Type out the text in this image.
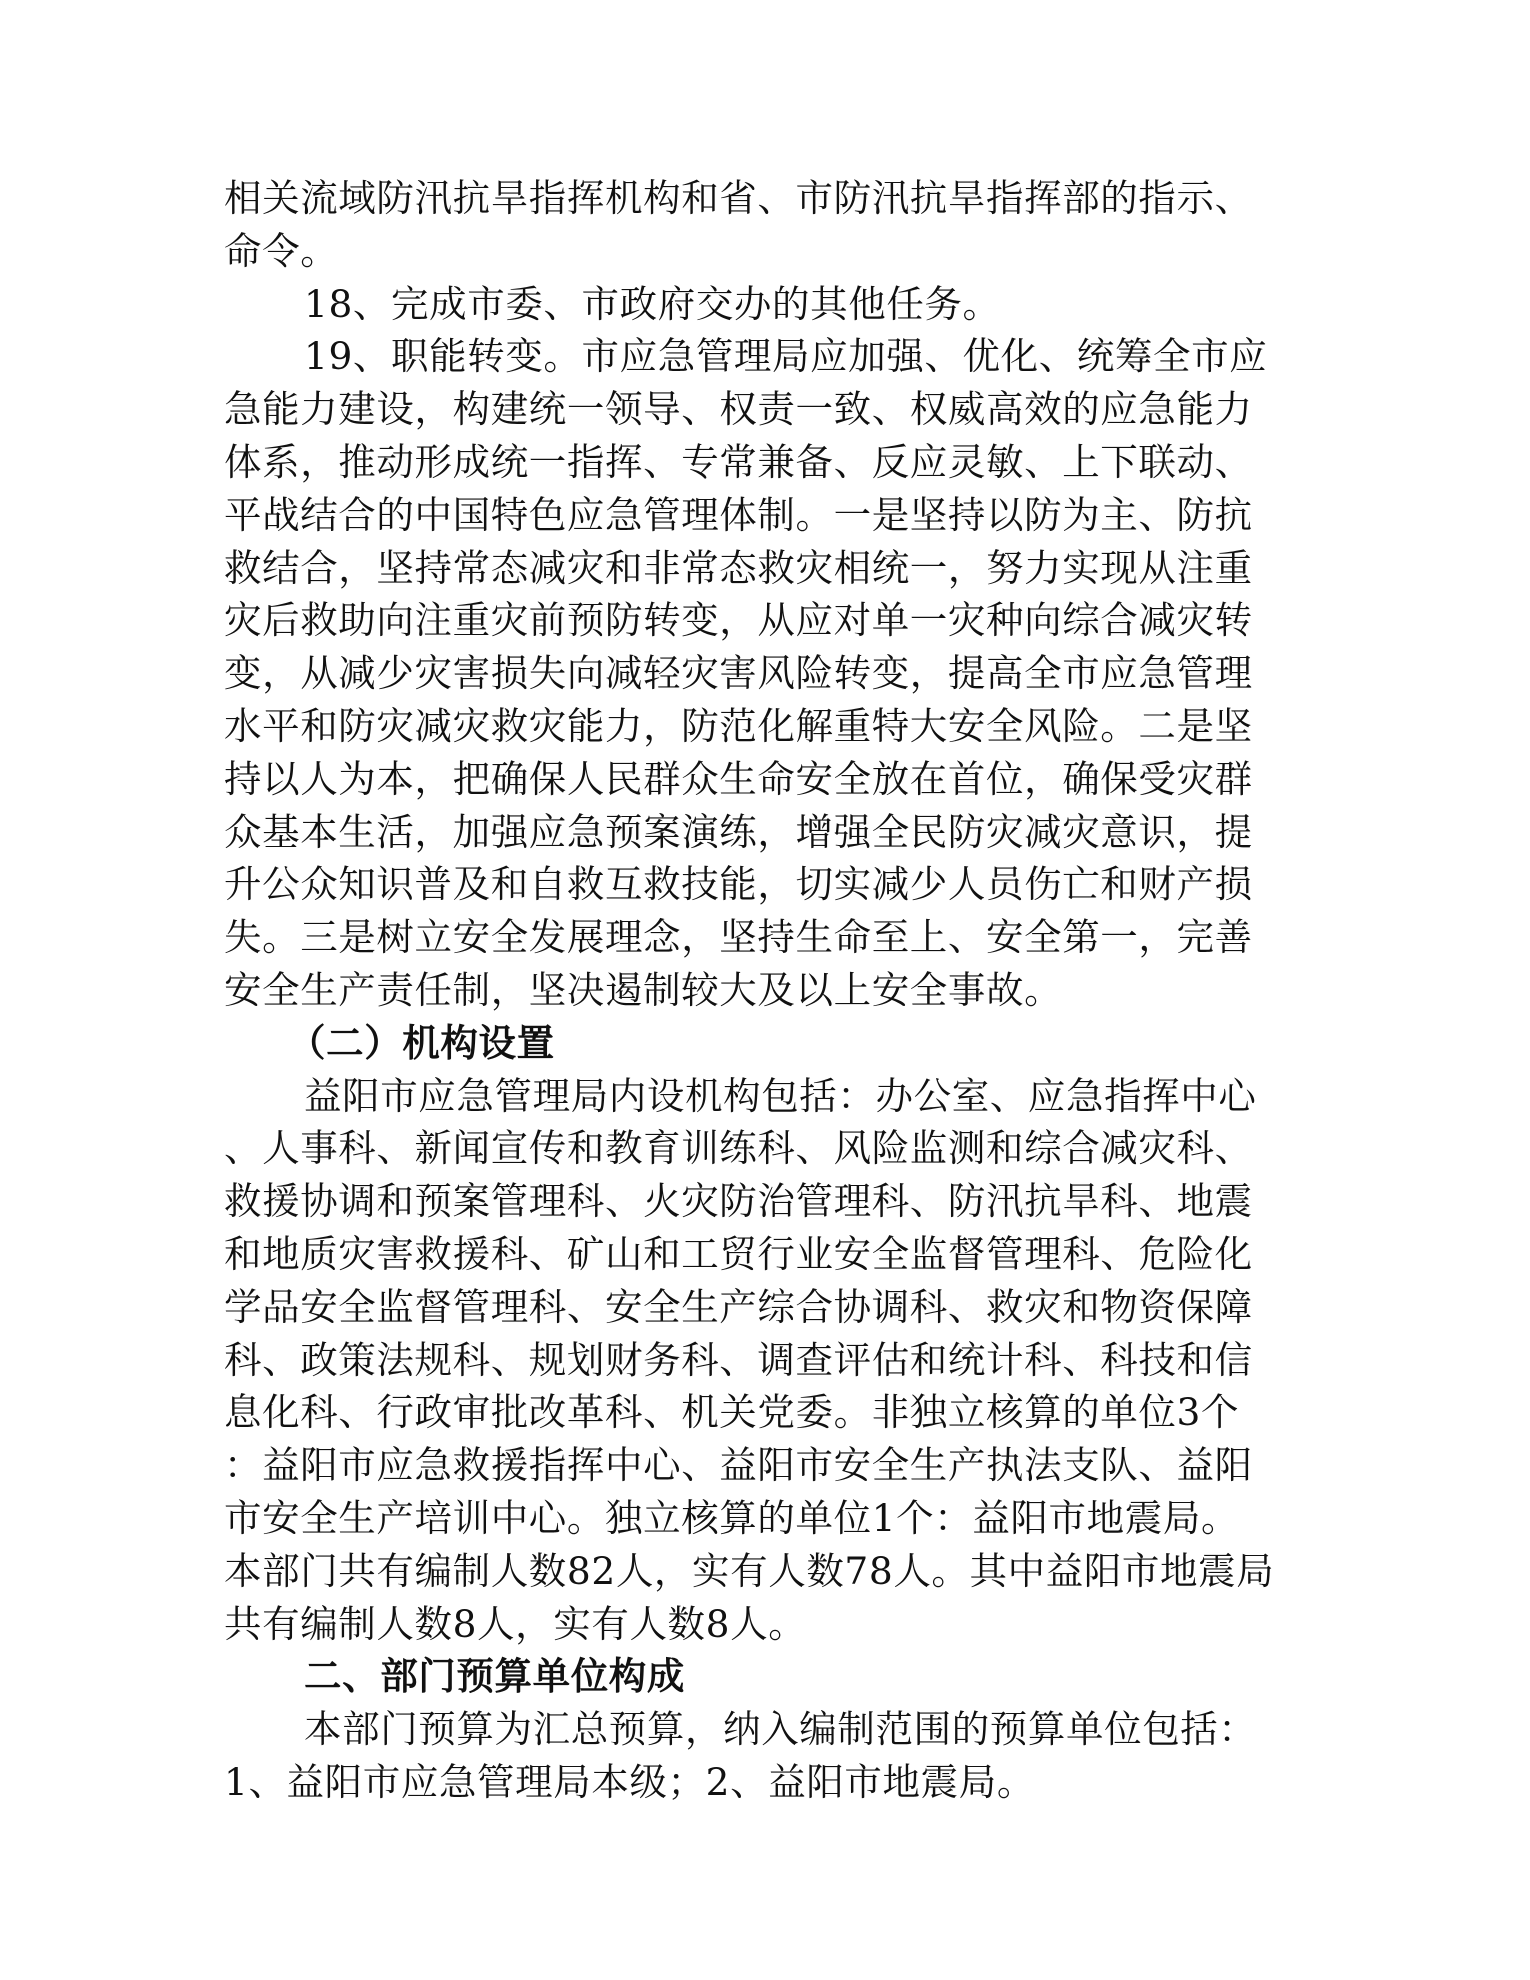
相关流域防汛抗旱指挥机构和省、市防汛抗旱指挥部的指示、
命令。
18、完成市委、市政府交办的其他任务。
19、职能转变。市应急管理局应加强、优化、统筹全市应
急能力建设，构建统一领导、权责一致、权威高效的应急能力
体系，推动形成统一指挥、专常兼备、反应灵敏、上下联动、
平战结合的中国特色应急管理体制。一是坚持以防为主、防抗
救结合，坚持常态减灾和非常态救灾相统一，努力实现从注重
灾后救助向注重灾前预防转变，从应对单一灾种向综合减灾转
变，从减少灾害损失向减轻灾害风险转变，提高全市应急管理
水平和防灾减灾救灾能力，防范化解重特大安全风险。二是坚
持以人为本，把确保人民群众生命安全放在首位，确保受灾群
众基本生活，加强应急预案演练，增强全民防灾减灾意识，提
升公众知识普及和自救互救技能，切实减少人员伤亡和财产损
失。三是树立安全发展理念，坚持生命至上、安全第一，完善
安全生产责任制，坚决遏制较大及以上安全事故。
（二）机构设置
益阳市应急管理局内设机构包括：办公室、应急指挥中心
、人事科、新闻宣传和教育训练科、风险监测和综合减灾科、
救援协调和预案管理科、火灾防治管理科、防汛抗旱科、地震
和地质灾害救援科、矿山和工贸行业安全监督管理科、危险化
学品安全监督管理科、安全生产综合协调科、救灾和物资保障
科、政策法规科、规划财务科、调查评估和统计科、科技和信
息化科、行政审批改革科、机关党委。非独立核算的单位3个
：益阳市应急救援指挥中心、益阳市安全生产执法支队、益阳
市安全生产培训中心。独立核算的单位1个：益阳市地震局。
本部门共有编制人数82人，实有人数78人。其中益阳市地震局
共有编制人数8人，实有人数8人。
二、部门预算单位构成
本部门预算为汇总预算，纳入编制范围的预算单位包括：
1、益阳市应急管理局本级；2、益阳市地震局。
